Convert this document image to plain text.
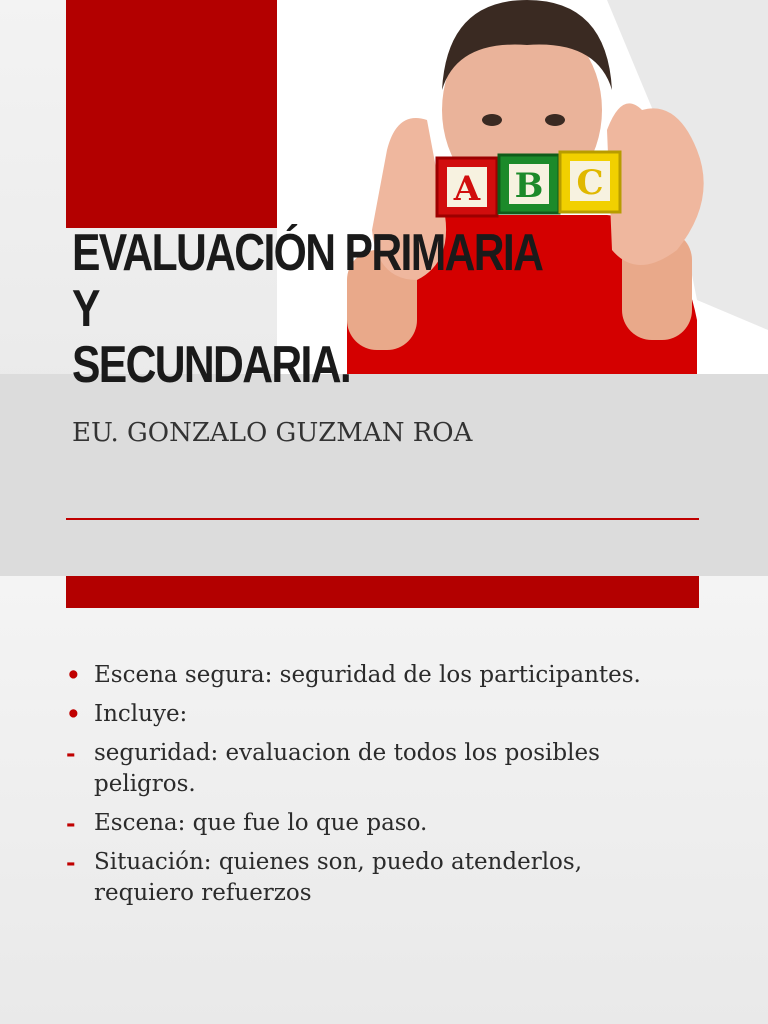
A B C
EVALUACIÓN PRIMARIA Y
SECUNDARIA.
EU. GONZALO GUZMAN ROA
• Escena segura: seguridad de los participantes.
• Incluye:
- seguridad: evaluacion de todos los posibles peligros.
- Escena: que fue lo que paso.
- Situación: quienes son, puedo atenderlos, requiero refuerzos
